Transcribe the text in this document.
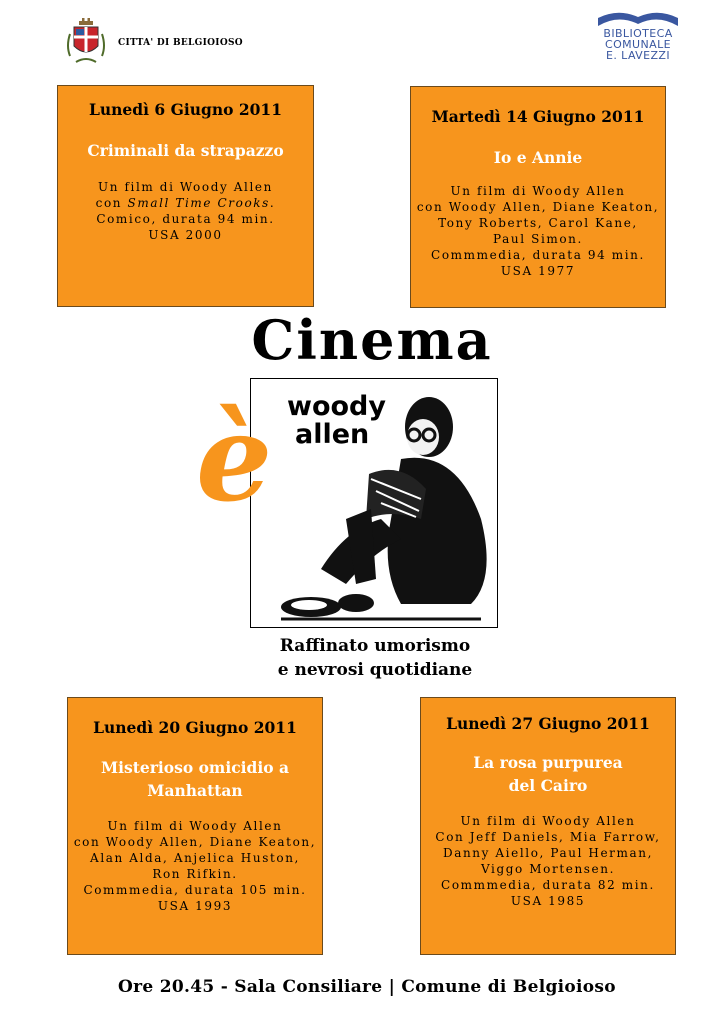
CITTA' DI BELGIOIOSO
BIBLIOTECA
COMUNALE
E. LAVEZZI
Lunedì 6 Giugno 2011
Criminali da strapazzo
Un film di Woody Allen
con Small Time Crooks.
Comico, durata 94 min.
USA 2000
Martedì 14 Giugno 2011
Io e Annie
Un film di Woody Allen
con Woody Allen, Diane Keaton,
Tony Roberts, Carol Kane,
Paul Simon.
Commmedia, durata 94 min.
USA 1977
Cinema
woody
allen
è
Raffinato umorismo
e nevrosi quotidiane
Lunedì 20 Giugno 2011
Misterioso omicidio a
Manhattan
Un film di Woody Allen
con Woody Allen, Diane Keaton,
Alan Alda, Anjelica Huston,
Ron Rifkin.
Commmedia, durata 105 min.
USA 1993
Lunedì 27 Giugno 2011
La rosa purpurea
del Cairo
Un film di Woody Allen
Con Jeff Daniels, Mia Farrow,
Danny Aiello, Paul Herman,
Viggo Mortensen.
Commmedia, durata 82 min.
USA 1985
Ore 20.45 - Sala Consiliare | Comune di Belgioioso
